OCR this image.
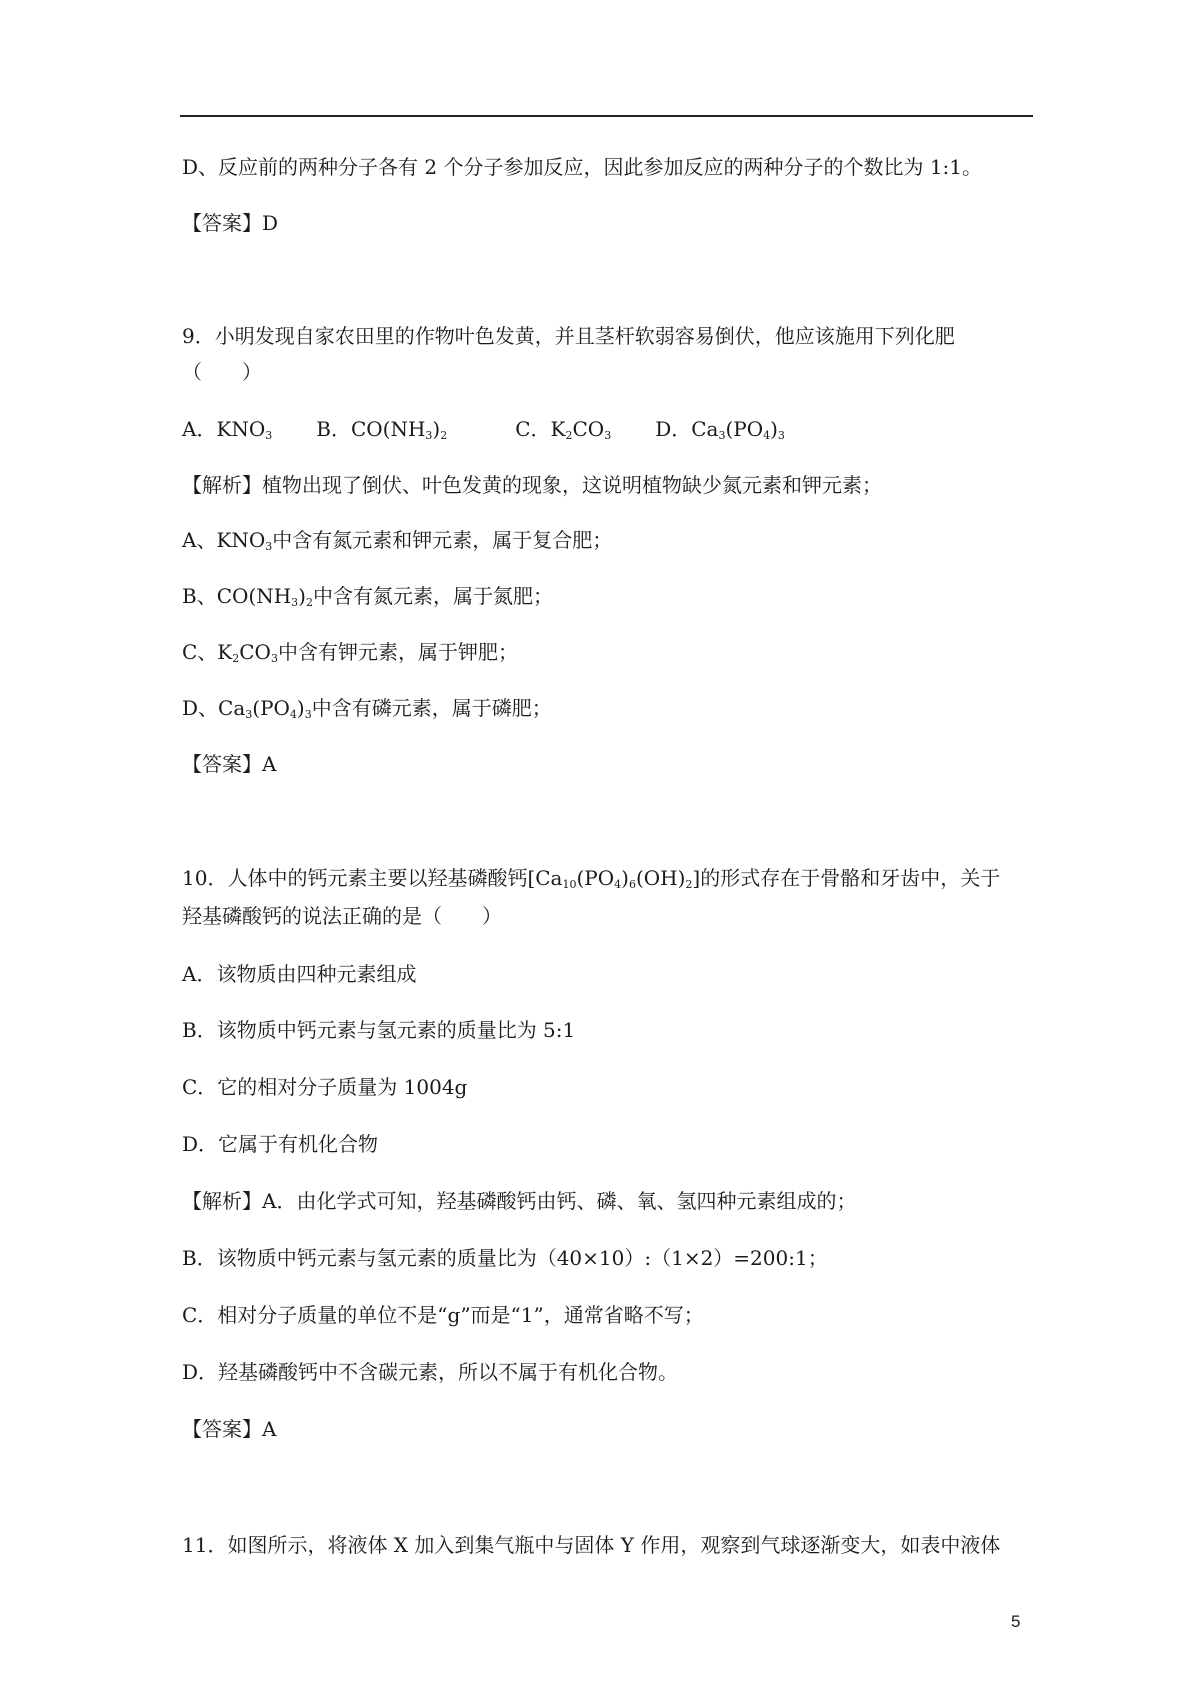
D、反应前的两种分子各有 2 个分子参加反应，因此参加反应的两种分子的个数比为 1:1。
【答案】D
9．小明发现自家农田里的作物叶色发黄，并且茎杆软弱容易倒伏，他应该施用下列化肥
（　　）
A．$KNO_3$ B．$CO(NH_3)_2$	C．$K_2CO_3$ D．$Ca_3(PO_4)_3$
【解析】植物出现了倒伏、叶色发黄的现象，这说明植物缺少氮元素和钾元素；
A、$KNO_3$中含有氮元素和钾元素，属于复合肥；
B、$CO(NH_3)_2$中含有氮元素，属于氮肥；
C、$K_2CO_3$中含有钾元素，属于钾肥；
D、$Ca_3(PO_4)_3$中含有磷元素，属于磷肥；
【答案】A
10．人体中的钙元素主要以羟基磷酸钙$[Ca_{10}(PO_4)_6(OH)_2]$的形式存在于骨骼和牙齿中，关于
羟基磷酸钙的说法正确的是（　　）
A．该物质由四种元素组成
B．该物质中钙元素与氢元素的质量比为 5:1
C．它的相对分子质量为 1004g
D．它属于有机化合物
【解析】A．由化学式可知，羟基磷酸钙由钙、磷、氧、氢四种元素组成的；
B．该物质中钙元素与氢元素的质量比为（40×10）:（1×2）=200:1；
C．相对分子质量的单位不是“g”而是“1”，通常省略不写；
D．羟基磷酸钙中不含碳元素，所以不属于有机化合物。
【答案】A
11．如图所示，将液体 X 加入到集气瓶中与固体 Y 作用，观察到气球逐渐变大，如表中液体
5
